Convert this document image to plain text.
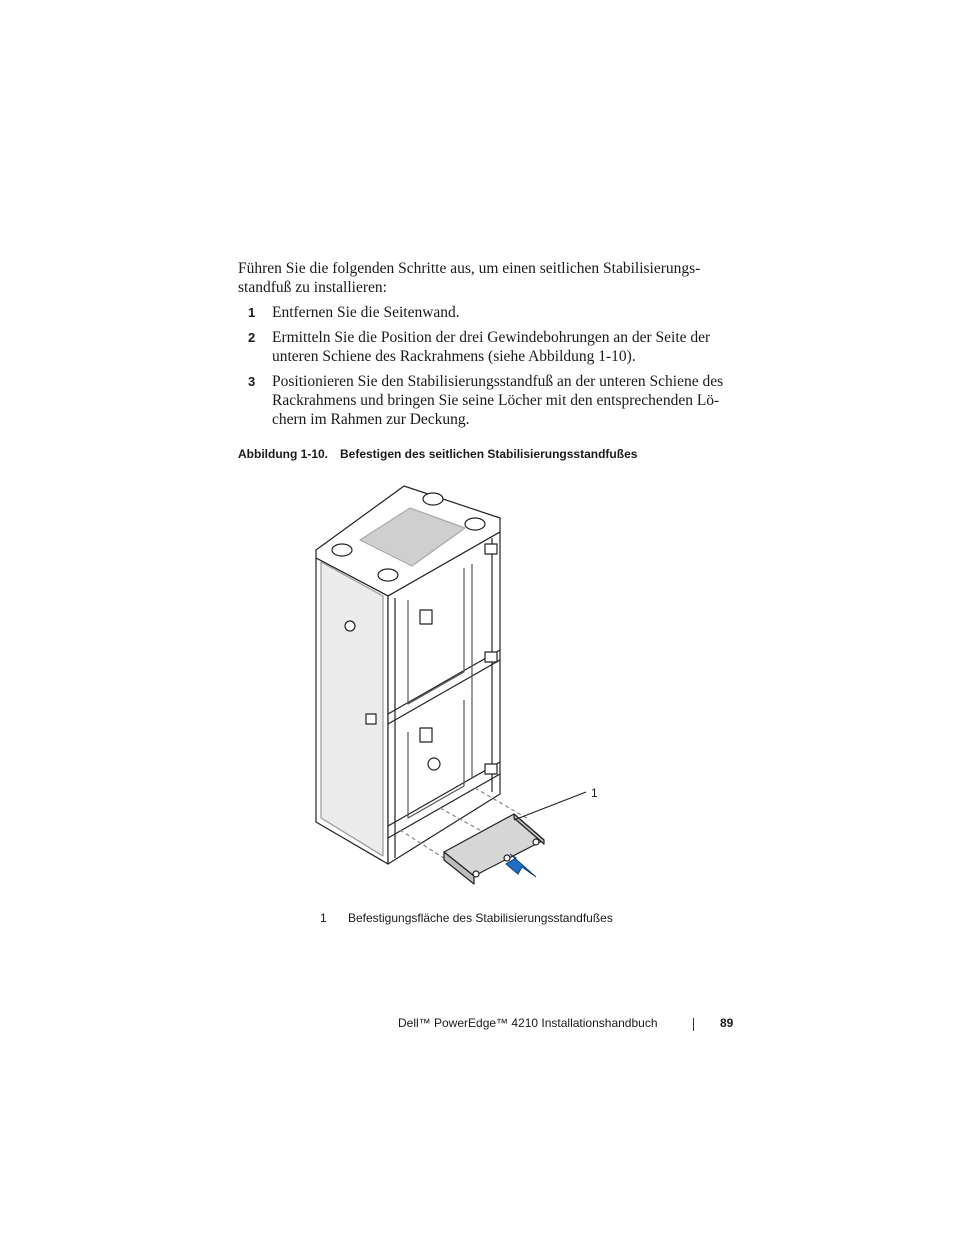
Führen Sie die folgenden Schritte aus, um einen seitlichen Stabilisierungs-
standfuß zu installieren:

1 Entfernen Sie die Seitenwand.
2 Ermitteln Sie die Position der drei Gewindebohrungen an der Seite der unteren Schiene des Rackrahmens (siehe Abbildung 1-10).
3 Positionieren Sie den Stabilisierungsstandfuß an der unteren Schiene des Rackrahmens und bringen Sie seine Löcher mit den entsprechenden Lö-chern im Rahmen zur Deckung.
Abbildung 1-10. Befestigen des seitlichen Stabilisierungsstandfußes
1
1 Befestigungsfläche des Stabilisierungsstandfußes
Dell™ PowerEdge™ 4210 Installationshandbuch	89
